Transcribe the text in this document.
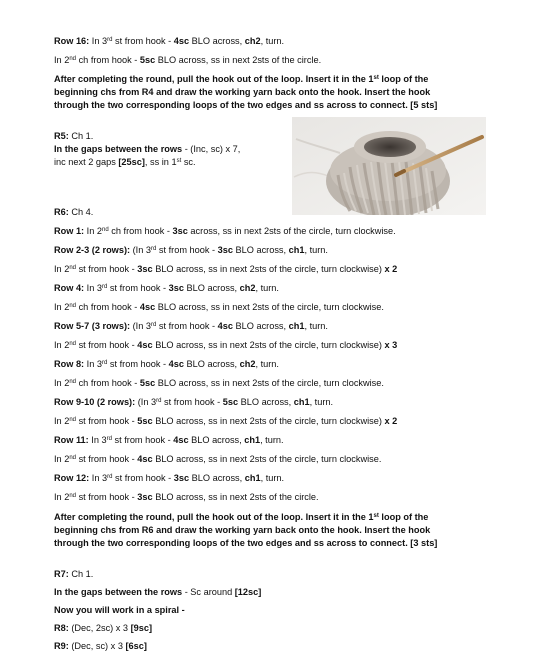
Row 16: In 3rd st from hook - 4sc BLO across, ch2, turn.
In 2nd ch from hook - 5sc BLO across, ss in next 2sts of the circle.
After completing the round, pull the hook out of the loop. Insert it in the 1st loop of the
beginning chs from R4 and draw the working yarn back onto the hook. Insert the hook
through the two corresponding loops of the two edges and ss across to connect. [5 sts]
R5: Ch 1.
In the gaps between the rows - (Inc, sc) x 7,
inc next 2 gaps [25sc], ss in 1st sc.
R6: Ch 4.
Row 1: In 2nd ch from hook - 3sc across, ss in next 2sts of the circle, turn clockwise.
Row 2-3 (2 rows): (In 3rd st from hook - 3sc BLO across, ch1, turn.
In 2nd st from hook - 3sc BLO across, ss in next 2sts of the circle, turn clockwise) x 2
Row 4: In 3rd st from hook - 3sc BLO across, ch2, turn.
In 2nd ch from hook - 4sc BLO across, ss in next 2sts of the circle, turn clockwise.
Row 5-7 (3 rows): (In 3rd st from hook - 4sc BLO across, ch1, turn.
In 2nd st from hook - 4sc BLO across, ss in next 2sts of the circle, turn clockwise) x 3
Row 8: In 3rd st from hook - 4sc BLO across, ch2, turn.
In 2nd ch from hook - 5sc BLO across, ss in next 2sts of the circle, turn clockwise.
Row 9-10 (2 rows): (In 3rd st from hook - 5sc BLO across, ch1, turn.
In 2nd st from hook - 5sc BLO across, ss in next 2sts of the circle, turn clockwise) x 2
Row 11: In 3rd st from hook - 4sc BLO across, ch1, turn.
In 2nd st from hook - 4sc BLO across, ss in next 2sts of the circle, turn clockwise.
Row 12: In 3rd st from hook - 3sc BLO across, ch1, turn.
In 2nd st from hook - 3sc BLO across, ss in next 2sts of the circle.
After completing the round, pull the hook out of the loop. Insert it in the 1st loop of the
beginning chs from R6 and draw the working yarn back onto the hook. Insert the hook
through the two corresponding loops of the two edges and ss across to connect. [3 sts]
R7: Ch 1.
In the gaps between the rows - Sc around [12sc]
Now you will work in a spiral -
R8: (Dec, 2sc) x 3 [9sc]
R9: (Dec, sc) x 3 [6sc]
